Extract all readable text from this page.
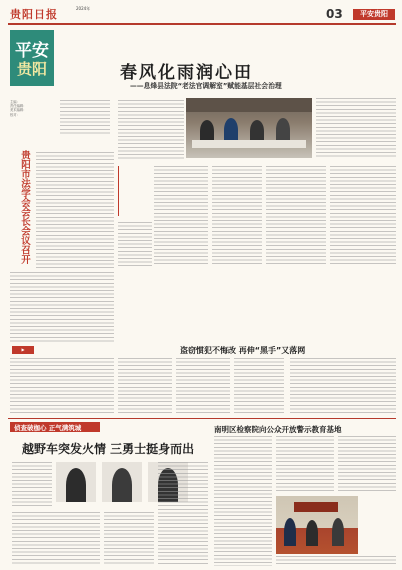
贵阳日报	2024年	03	平安贵阳
平安
贵阳
主编：
责任编辑：
美术编辑：
校对：
贵阳市法学会会长会议召开
春风化雨润心田
——息烽县法院“老法官调解室”赋能基层社会治理
▶	盗窃惯犯不悔改 再伸“黑手”又落网
侦查破枷心 正气满筑城
越野车突发火情 三勇士挺身而出
南明区检察院向公众开放警示教育基地
